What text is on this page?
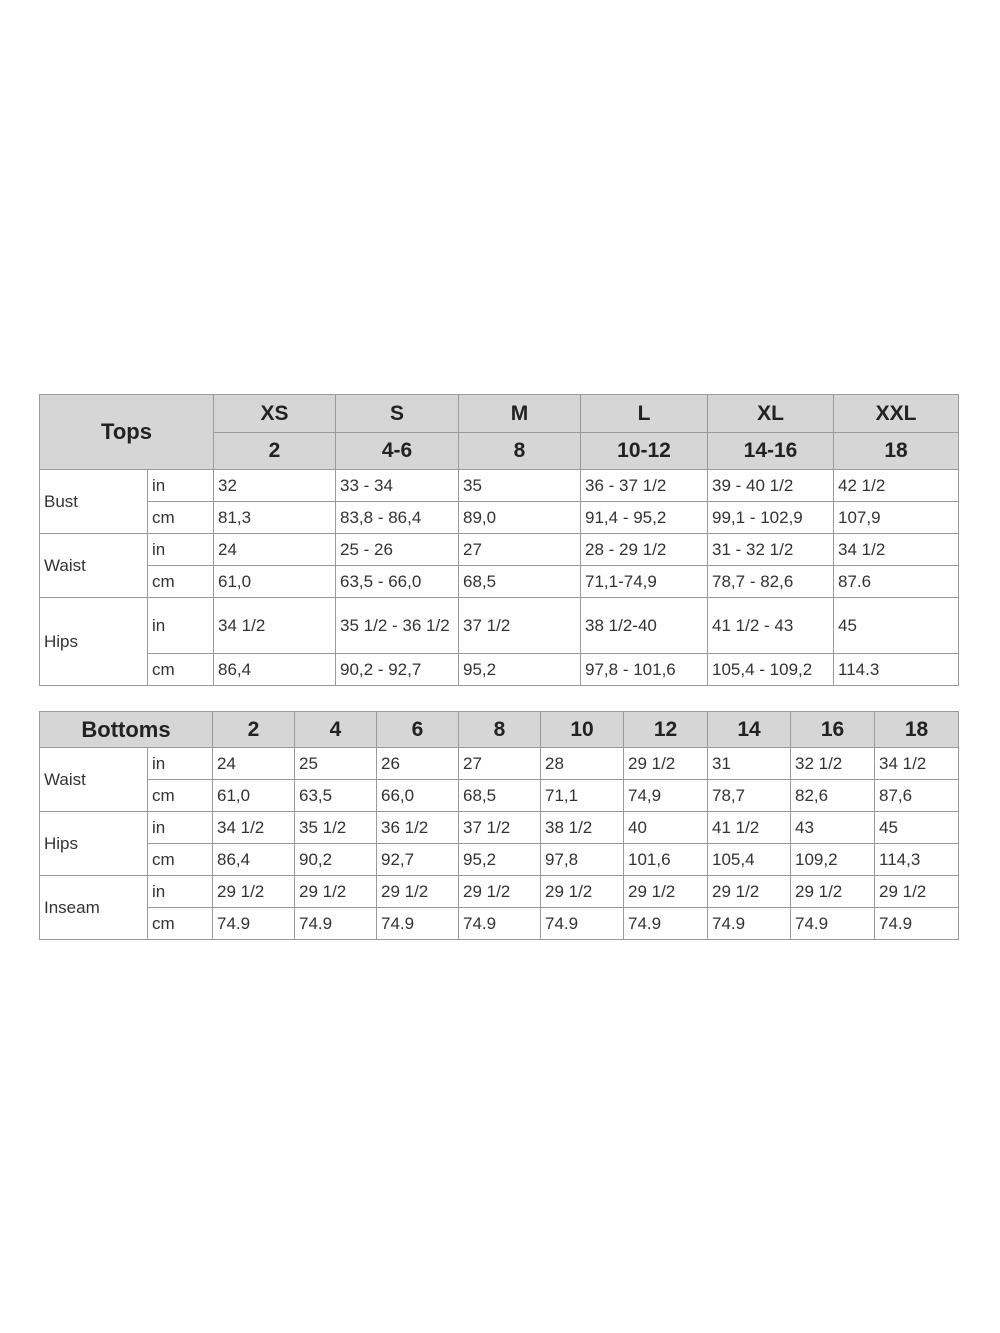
Tops		XS	S	M	L	XL	XXL
		2	4-6	8	10-12	14-16	18
Bust	in	32	33 - 34	35	36 - 37 1/2	39 - 40 1/2	42 1/2
	cm	81,3	83,8 - 86,4	89,0	91,4 - 95,2	99,1 - 102,9	107,9
Waist	in	24	25 - 26	27	28 - 29 1/2	31 - 32 1/2	34 1/2
	cm	61,0	63,5 - 66,0	68,5	71,1-74,9	78,7 - 82,6	87.6
Hips	in	34 1/2	35 1/2 - 36 1/2	37 1/2	38 1/2-40	41 1/2 - 43	45
	cm	86,4	90,2 - 92,7	95,2	97,8 - 101,6	105,4 - 109,2	114.3
Bottoms		2	4	6	8	10	12	14	16	18
Waist	in	24	25	26	27	28	29 1/2	31	32 1/2	34 1/2
	cm	61,0	63,5	66,0	68,5	71,1	74,9	78,7	82,6	87,6
Hips	in	34 1/2	35 1/2	36 1/2	37 1/2	38 1/2	40	41 1/2	43	45
	cm	86,4	90,2	92,7	95,2	97,8	101,6	105,4	109,2	114,3
Inseam	in	29 1/2	29 1/2	29 1/2	29 1/2	29 1/2	29 1/2	29 1/2	29 1/2	29 1/2
	cm	74.9	74.9	74.9	74.9	74.9	74.9	74.9	74.9	74.9
